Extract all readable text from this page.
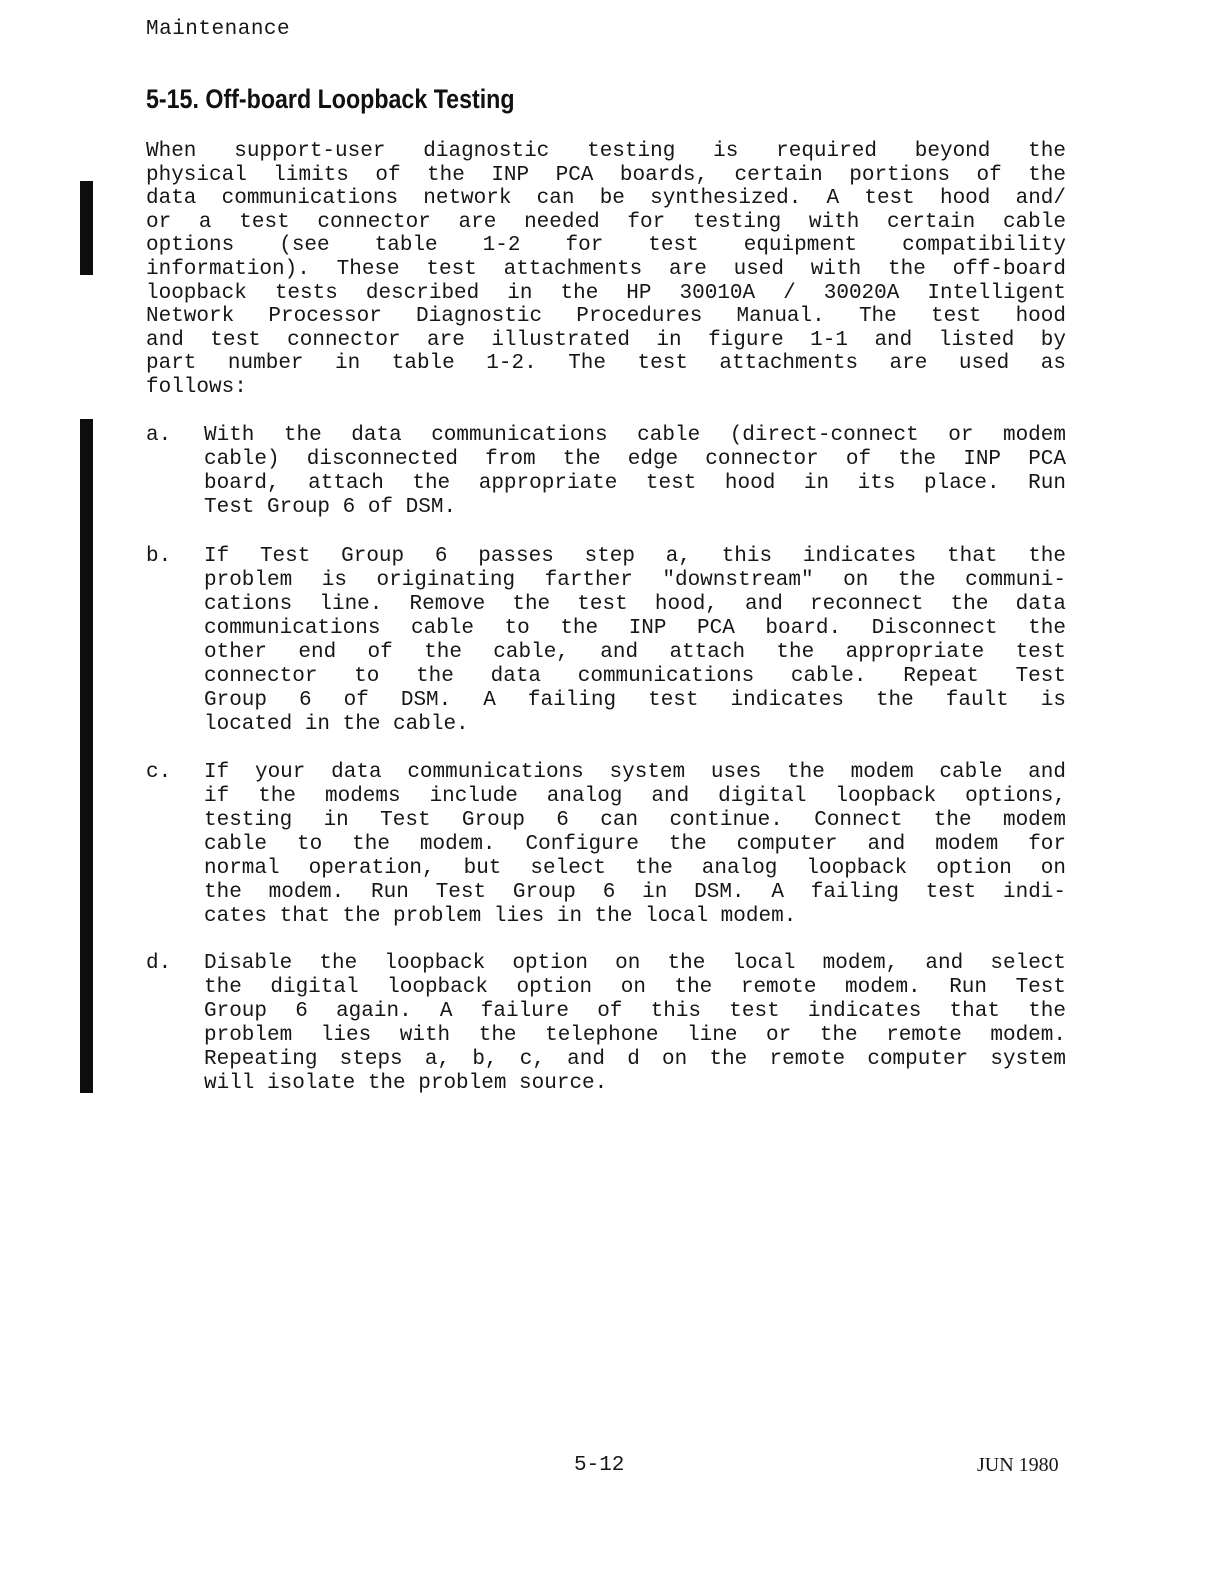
Maintenance
5-15. Off-board Loopback Testing
When support-user diagnostic testing is required beyond the
physical limits of the INP PCA boards, certain portions of the
data communications network can be synthesized. A test hood and/
or a test connector are needed for testing with certain cable
options (see table 1-2 for test equipment compatibility
information). These test attachments are used with the off-board
loopback tests described in the HP 30010A / 30020A Intelligent
Network Processor Diagnostic Procedures Manual. The test hood
and test connector are illustrated in figure 1-1 and listed by
part number in table 1-2. The test attachments are used as
follows:
a. With the data communications cable (direct-connect or modem
cable) disconnected from the edge connector of the INP PCA
board, attach the appropriate test hood in its place. Run
Test Group 6 of DSM.
b. If Test Group 6 passes step a, this indicates that the
problem is originating farther "downstream" on the communi-
cations line. Remove the test hood, and reconnect the data
communications cable to the INP PCA board. Disconnect the
other end of the cable, and attach the appropriate test
connector to the data communications cable. Repeat Test
Group 6 of DSM. A failing test indicates the fault is
located in the cable.
c. If your data communications system uses the modem cable and
if the modems include analog and digital loopback options,
testing in Test Group 6 can continue. Connect the modem
cable to the modem. Configure the computer and modem for
normal operation, but select the analog loopback option on
the modem. Run Test Group 6 in DSM. A failing test indi-
cates that the problem lies in the local modem.
d. Disable the loopback option on the local modem, and select
the digital loopback option on the remote modem. Run Test
Group 6 again. A failure of this test indicates that the
problem lies with the telephone line or the remote modem.
Repeating steps a, b, c, and d on the remote computer system
will isolate the problem source.
5-12	JUN 1980
